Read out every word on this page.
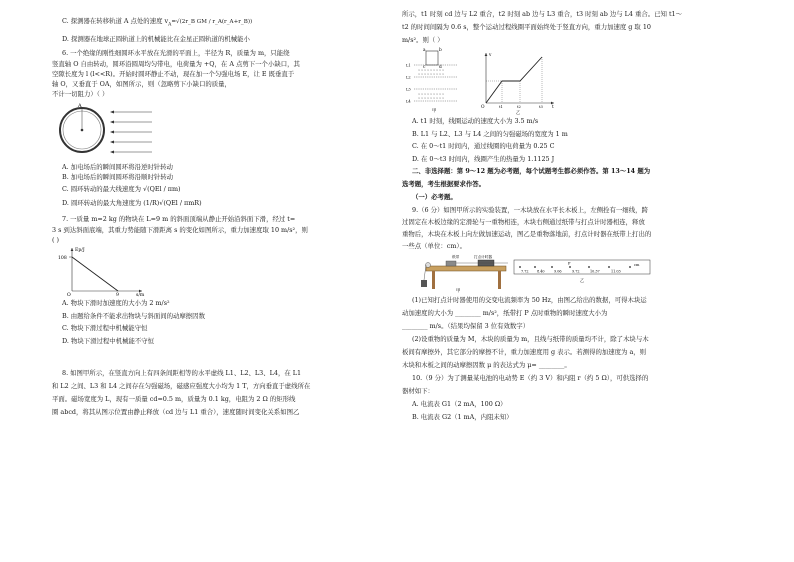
C. 探测器在转移轨道 A 点处的速度 $v_A=√(2r\_B$ GM / r_A(r_A+r_B))
D. 探测器在地球正圆轨道上的机械能比在金星正圆轨道的机械能小
6. 一个绝缘的刚性细圆环水平放在光滑的平面上，半径为 R，质量为 m，只能绕
竖直轴 O 自由转动，圆环沿圆周均匀带电，电荷量为 +Q，在 A 点剪下一个小缺口，其
空隙长度为 l (l<<R)。开始时圆环静止不动，现在加一个匀强电场 E，让 E 既垂直于
轴 O，又垂直于 OA，如图所示，则（忽略剪下小缺口的质量，
不计一切阻力）（ ）
A
A. 加电场后的瞬间圆环将沿逆时针转动
B. 加电场后的瞬间圆环将沿顺时针转动
C. 圆环转动的最大线速度为 √(QEl / πm)
D. 圆环转动的最大角速度为 (1/R)√(QEl / πmR)
7. 一质量 m=2 kg 的物块在 L=9 m 的斜面顶端从静止开始沿斜面下滑，经过 t=
3 s 到达斜面底端，其重力势能随下滑距离 s 的变化如图所示，重力加速度取 10 m/s²，则
( )
Ep/J
108
O	9	s/m
A. 物块下滑时加速度的大小为 2 m/s²
B. 由题给条件不能求出物块与斜面间的动摩擦因数
C. 物块下滑过程中机械能守恒
D. 物块下滑过程中机械能不守恒
8. 如图甲所示，在竖直方向上有四条间距相等的水平虚线 L1、L2、L3、L4，在 L1
和 L2 之间、L3 和 L4 之间存在匀强磁场，磁感应强度大小均为 1 T，方向垂直于虚线所在
平面。磁场宽度为 L，现有一质量 cd=0.5 m，质量为 0.1 kg，电阻为 2 Ω 的矩形线
圈 abcd，将其从图示位置由静止释放（cd 边与 L1 重合），速度随时间变化关系如图乙
所示，t1 时刻 cd 边与 L2 重合，t2 时刻 ab 边与 L3 重合，t3 时刻 ab 边与 L4 重合。已知 t1～
t2 的时间间隔为 0.6 s，整个运动过程线圈平面始终处于竖直方向，重力加速度 g 取 10
m/s²。则（ ）
a	b
c	d
× × × × × × × × ×
× × × × × × × × ×
× × × × × × × × ×
× × × × × × × × ×
L1
L2
L3
L4
甲
v
O	t1	t2	t3 t
乙
A. t1 时刻，线圈运动的速度大小为 3.5 m/s
B. L1 与 L2、L3 与 L4 之间的匀强磁场的宽度为 1 m
C. 在 0～t1 时间内，通过线圈的电荷量为 0.25 C
D. 在 0～t3 时间内，线圈产生的热量为 1.1125 J
二、非选择题：第 9～12 题为必考题，每个试题考生都必须作答。第 13～14 题为
选考题，考生根据要求作答。
（一）必考题。
9.（6 分）如图甲所示的实验装置，一木块放在水平长木板上，左侧拴有一细线，跨
过固定在木板边缘的定滑轮与一重物相连，木块右侧通过纸带与打点计时器相连，释放
重物后，木块在木板上向左做加速运动，图乙是重物落地前，打点计时器在纸带上打出的
一些点（单位：cm）。
纸带	打点计时器
甲
cm
P
7.72 8.40	9.06	9.72	10.37	11.03
乙
(1)已知打点计时器使用的交变电流频率为 50 Hz，由图乙给出的数据，可得木块运
动加速度的大小为 ________ m/s²，纸带打 P 点时重物的瞬时速度大小为
________ m/s。（结果均保留 3 位有效数字）
(2)设重物的质量为 M，木块的质量为 m，且线与纸带的质量均不计，除了木块与木
板间有摩擦外，其它部分的摩擦不计，重力加速度用 g 表示。若测得的加速度为 a，则
木块和木板之间的动摩擦因数 μ 的表达式为 μ= ________。
10.（9 分）为了测量某电池的电动势 E（约 3 V）和内阻 r（约 5 Ω），可供选择的
器材如下：
A. 电流表 G1（2 mA，100 Ω）
B. 电流表 G2（1 mA，内阻未知）
